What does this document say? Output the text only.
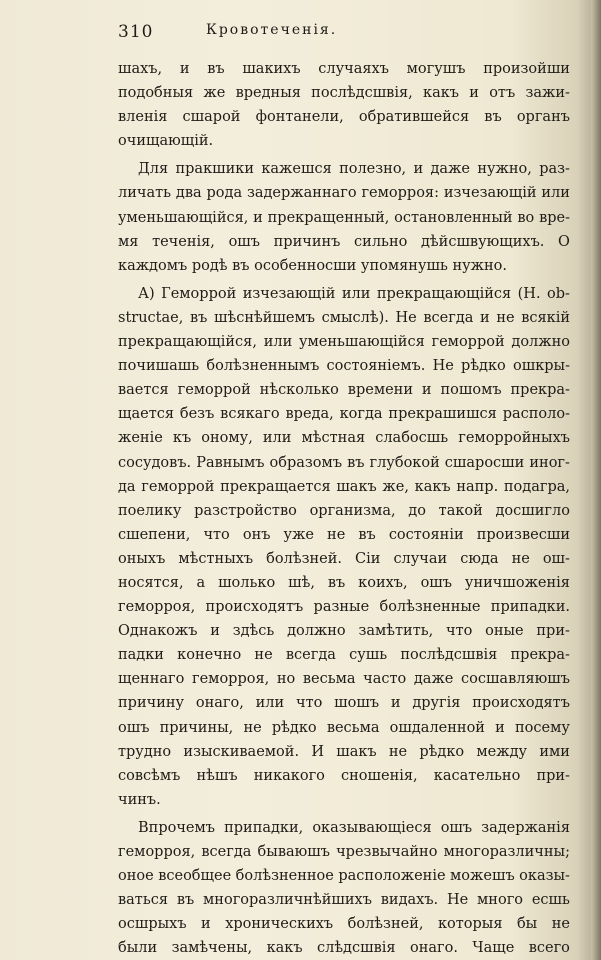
310	Кровотеченія.
шахъ, и въ шакихъ случаяхъ могушъ произойши
подобныя же вредныя послѣдсшвія, какъ и отъ зажи-
вленія сшарой фонтанели, обратившейся въ органъ
очищающій.
Для пракшики кажешся полезно, и даже нужно, раз-
личать два рода задержаннаго геморроя: изчезающій или
уменьшающійся, и прекращенный, остановленный во вре-
мя теченія, ошъ причинъ сильно дѣйсшвующихъ. О
каждомъ родѣ въ особенносши упомянушь нужно.
А) Геморрой изчезающій или прекращающійся (H. ob-
structae, въ шѣснѣйшемъ смыслѣ). Не всегда и не всякій
прекращающійся, или уменьшающійся геморрой должно
почишашь болѣзненнымъ состояніемъ. Не рѣдко ошкры-
вается геморрой нѣсколько времени и пошомъ прекра-
щается безъ всякаго вреда, когда прекрашишся располо-
женіе къ оному, или мѣстная слабосшь геморройныхъ
сосудовъ. Равнымъ образомъ въ глубокой сшаросши иног-
да геморрой прекращается шакъ же, какъ напр. подагра,
поелику разстройство организма, до такой досшигло
сшепени, что онъ уже не въ состояніи произвесши
оныхъ мѣстныхъ болѣзней. Сіи случаи сюда не ош-
носятся, а шолько шѣ, въ коихъ, ошъ уничшоженія
геморроя, происходятъ разные болѣзненные припадки.
Однакожъ и здѣсь должно замѣтить, что оные при-
падки конечно не всегда сушь послѣдсшвія прекра-
щеннаго геморроя, но весьма часто даже сосшавляюшъ
причину онаго, или что шошъ и другія происходятъ
ошъ причины, не рѣдко весьма ошдаленной и посему
трудно изыскиваемой. И шакъ не рѣдко между ими
совсѣмъ нѣшъ никакого сношенія, касательно при-
чинъ.
Впрочемъ припадки, оказывающіеся ошъ задержанія
геморроя, всегда бываюшъ чрезвычайно многоразличны;
оное всеобщее болѣзненное расположеніе можешъ оказы-
ваться въ многоразличнѣйшихъ видахъ. Не много есшь
осшрыхъ и хроническихъ болѣзней, которыя бы не
были замѣчены, какъ слѣдсшвія онаго. Чаще всего
